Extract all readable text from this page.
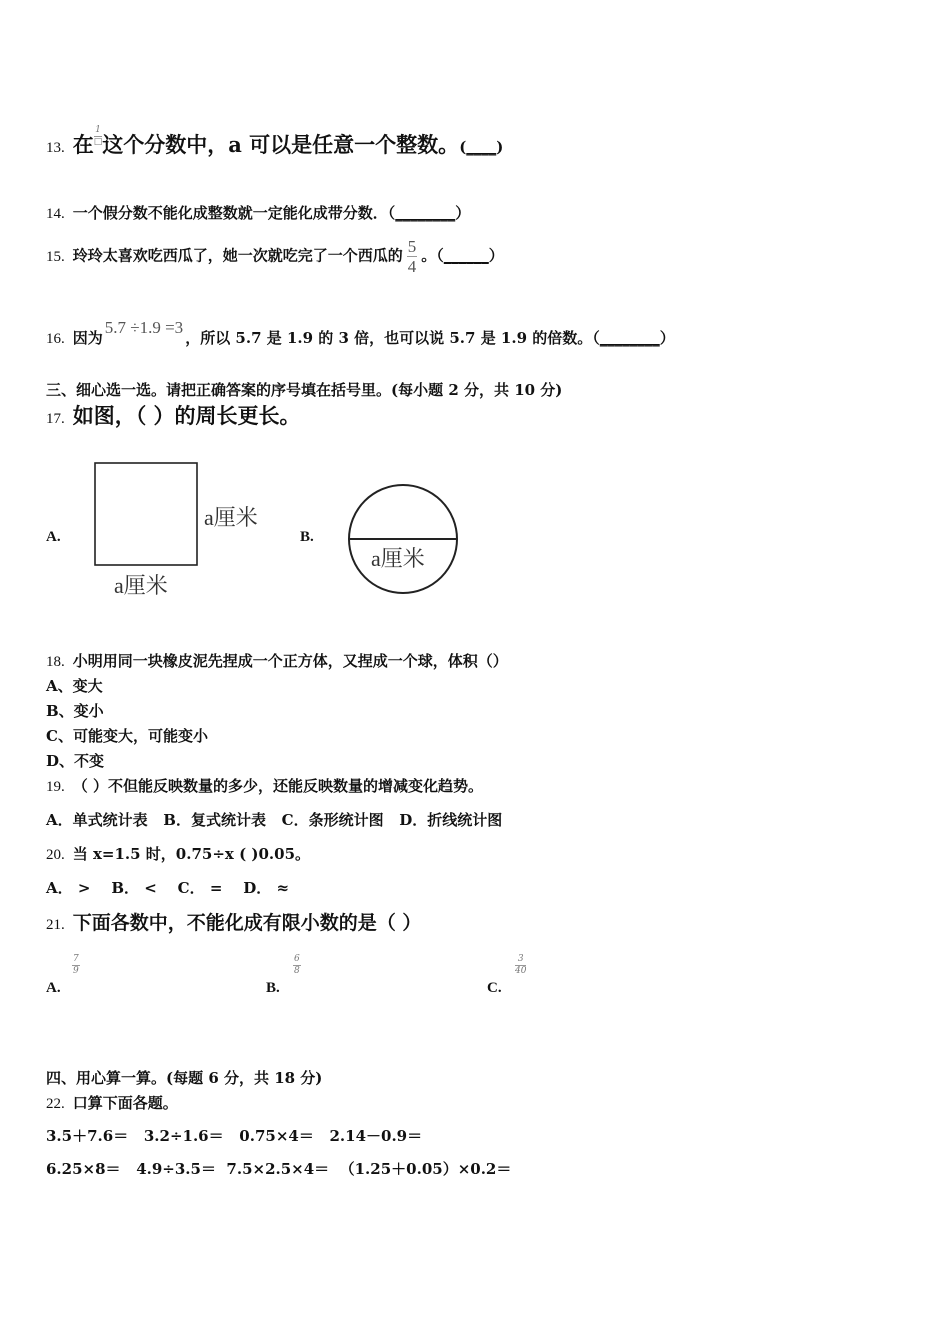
13. 在 $\frac{1}{□}$ 这个分数中，a 可以是任意一个整数。(____)
14. 一个假分数不能化成整数就一定能化成带分数．（________）
15. 玲玲太喜欢吃西瓜了，她一次就吃完了一个西瓜的 $\frac{5}{4}$ 。（______）
16. 因为5.7 ÷1.9 =3，所以 5.7 是 1.9 的 3 倍，也可以说 5.7 是 1.9 的倍数。（________）
三、细心选一选。请把正确答案的序号填在括号里。(每小题 2 分，共 10 分)
17. 如图，（ ）的周长更长。
A.
a厘米
a厘米
B.
a厘米
18. 小明用同一块橡皮泥先捏成一个正方体，又捏成一个球，体积（）
A、变大
B、变小
C、可能变大，可能变小
D、不变
19. （ ）不但能反映数量的多少，还能反映数量的增减变化趋势。
A．单式统计表   B．复式统计表   C．条形统计图   D．折线统计图
20. 当 x=1.5 时，0.75÷x ( )0.05。
A． >    B． <    C． =    D． ≈
21. 下面各数中，不能化成有限小数的是（ ）
A.
$\frac{7}{9}$
B.
$\frac{6}{8}$
C.
$\frac{3}{40}$
四、用心算一算。(每题 6 分，共 18 分)
22. 口算下面各题。
3.5＋7.6＝   3.2÷1.6＝   0.75×4＝   2.14－0.9＝
6.25×8＝   4.9÷3.5＝  7.5×2.5×4＝  （1.25＋0.05）×0.2＝
